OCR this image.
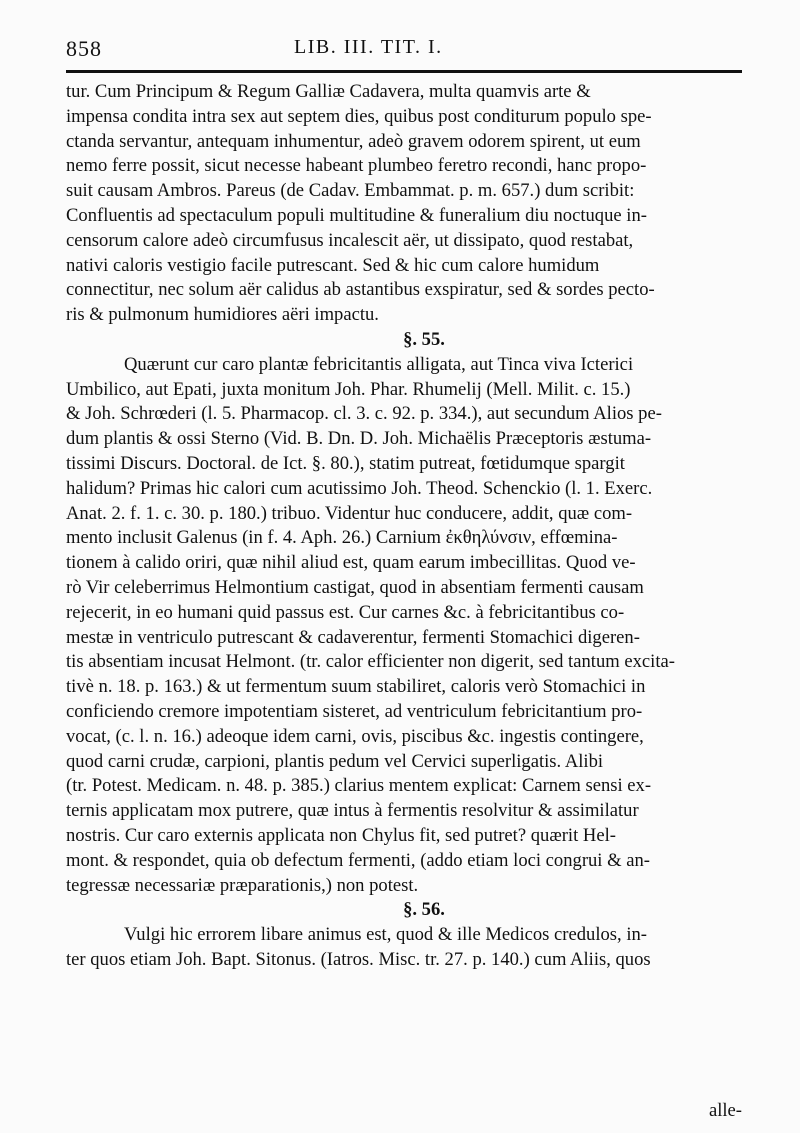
858	LIB. III. TIT. I.
tur. Cum Principum & Regum Galliæ Cadavera, multa quamvis arte &
impensa condita intra sex aut septem dies, quibus post conditurum populo spe-
ctanda servantur, antequam inhumentur, adeò gravem odorem spirent, ut eum
nemo ferre possit, sicut necesse habeant plumbeo feretro recondi, hanc propo-
suit causam Ambros. Pareus (de Cadav. Embammat. p. m. 657.) dum scribit:
Confluentis ad spectaculum populi multitudine & funeralium diu noctuque in-
censorum calore adeò circumfusus incalescit aër, ut dissipato, quod restabat,
nativi caloris vestigio facile putrescant. Sed & hic cum calore humidum
connectitur, nec solum aër calidus ab astantibus exspiratur, sed & sordes pecto-
ris & pulmonum humidiores aëri impactu.
§. 55.
Quærunt cur caro plantæ febricitantis alligata, aut Tinca viva Icterici
Umbilico, aut Epati, juxta monitum Joh. Phar. Rhumelij (Mell. Milit. c. 15.)
& Joh. Schrœderi (l. 5. Pharmacop. cl. 3. c. 92. p. 334.), aut secundum Alios pe-
dum plantis & ossi Sterno (Vid. B. Dn. D. Joh. Michaëlis Præceptoris æstuma-
tissimi Discurs. Doctoral. de Ict. §. 80.), statim putreat, fœtidumque spargit
halidum? Primas hic calori cum acutissimo Joh. Theod. Schenckio (l. 1. Exerc.
Anat. 2. f. 1. c. 30. p. 180.) tribuo. Videntur huc conducere, addit, quæ com-
mento inclusit Galenus (in f. 4. Aph. 26.) Carnium ἐκθηλύνσιν, effœmina-
tionem à calido oriri, quæ nihil aliud est, quam earum imbecillitas. Quod ve-
rò Vir celeberrimus Helmontium castigat, quod in absentiam fermenti causam
rejecerit, in eo humani quid passus est. Cur carnes &c. à febricitantibus co-
mestæ in ventriculo putrescant & cadaverentur, fermenti Stomachici digeren-
tis absentiam incusat Helmont. (tr. calor efficienter non digerit, sed tantum excita-
tivè n. 18. p. 163.) & ut fermentum suum stabiliret, caloris verò Stomachici in
conficiendo cremore impotentiam sisteret, ad ventriculum febricitantium pro-
vocat, (c. l. n. 16.) adeoque idem carni, ovis, piscibus &c. ingestis contingere,
quod carni crudæ, carpioni, plantis pedum vel Cervici superligatis. Alibi
(tr. Potest. Medicam. n. 48. p. 385.) clarius mentem explicat: Carnem sensi ex-
ternis applicatam mox putrere, quæ intus à fermentis resolvitur & assimilatur
nostris. Cur caro externis applicata non Chylus fit, sed putret? quærit Hel-
mont. & respondet, quia ob defectum fermenti, (addo etiam loci congrui & an-
tegressæ necessariæ præparationis,) non potest.
§. 56.
Vulgi hic errorem libare animus est, quod & ille Medicos credulos, in-
ter quos etiam Joh. Bapt. Sitonus. (Iatros. Misc. tr. 27. p. 140.) cum Aliis, quos
alle-
